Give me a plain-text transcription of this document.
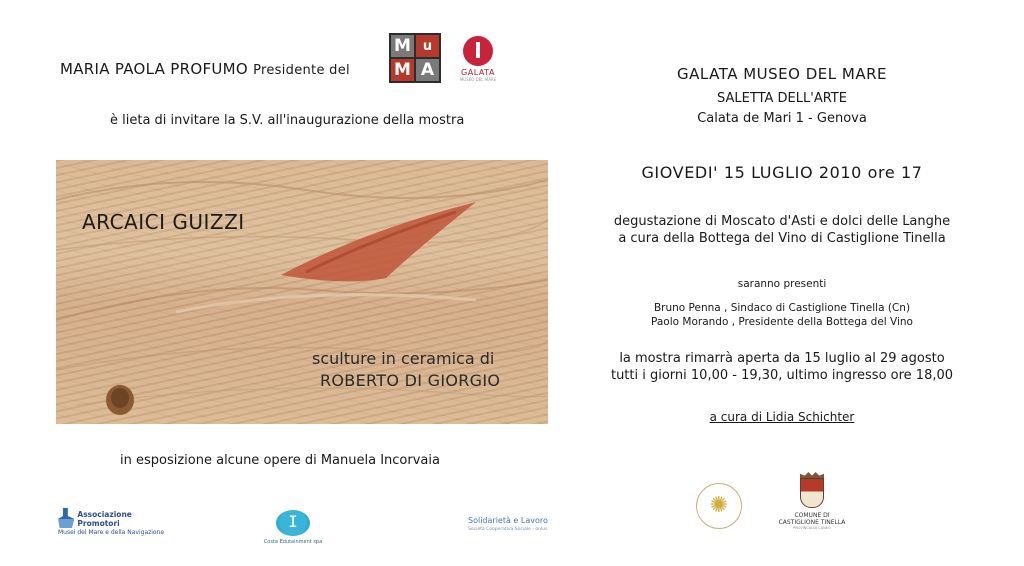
MARIA PAOLA PROFUMO Presidente del
M u
M A	GALATA
MUSEO DEL MARE
è lieta di invitare la S.V. all'inaugurazione della mostra
ARCAICI GUIZZI
sculture in ceramica di
ROBERTO DI GIORGIO
in esposizione alcune opere di Manuela Incorvaia
Associazione Promotori
Musei del Mare e della Navigazione
ⵊ
Costa Edutainment spa
Solidarietà e Lavoro
Società Cooperativa Sociale - onlus
GALATA MUSEO DEL MARE
SALETTA DELL'ARTE
Calata de Mari 1 - Genova
GIOVEDI' 15 LUGLIO 2010 ore 17
degustazione di Moscato d'Asti e dolci delle Langhe
a cura della Bottega del Vino di Castiglione Tinella
saranno presenti
Bruno Penna , Sindaco di Castiglione Tinella (Cn)
Paolo Morando , Presidente della Bottega del Vino
la mostra rimarrà aperta da 15 luglio al 29 agosto
tutti i giorni 10,00 - 19,30, ultimo ingresso ore 18,00
a cura di Lidia Schichter
✺
COMUNE DI
CASTIGLIONE TINELLA
PROVINCIA DI CUNEO
